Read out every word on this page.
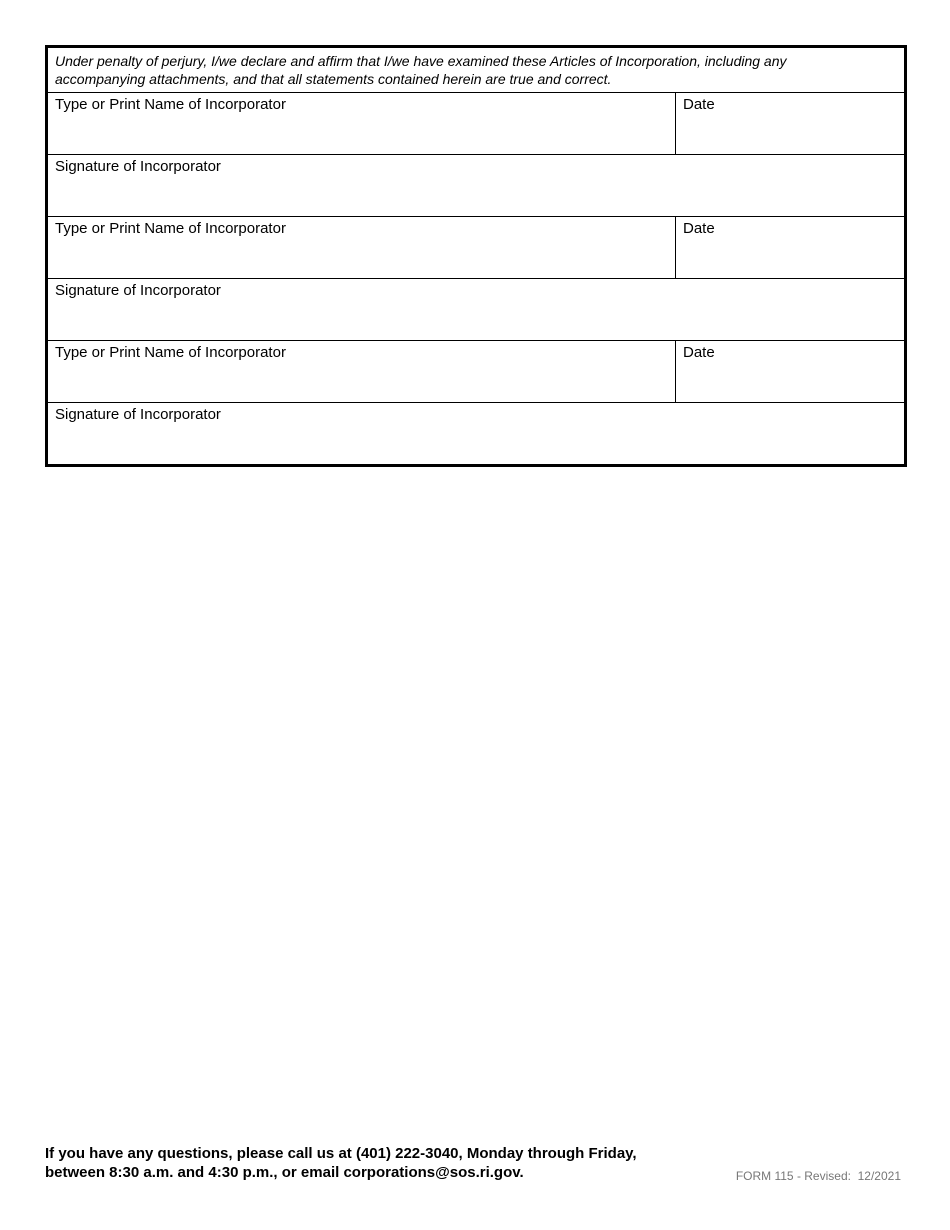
Under penalty of perjury, I/we declare and affirm that I/we have examined these Articles of Incorporation, including any
accompanying attachments, and that all statements contained herein are true and correct.
Type or Print Name of Incorporator	Date
Signature of Incorporator
Type or Print Name of Incorporator	Date
Signature of Incorporator
Type or Print Name of Incorporator	Date
Signature of Incorporator
If you have any questions, please call us at (401) 222-3040, Monday through Friday,
between 8:30 a.m. and 4:30 p.m., or email corporations@sos.ri.gov.	FORM 115 - Revised:  12/2021
